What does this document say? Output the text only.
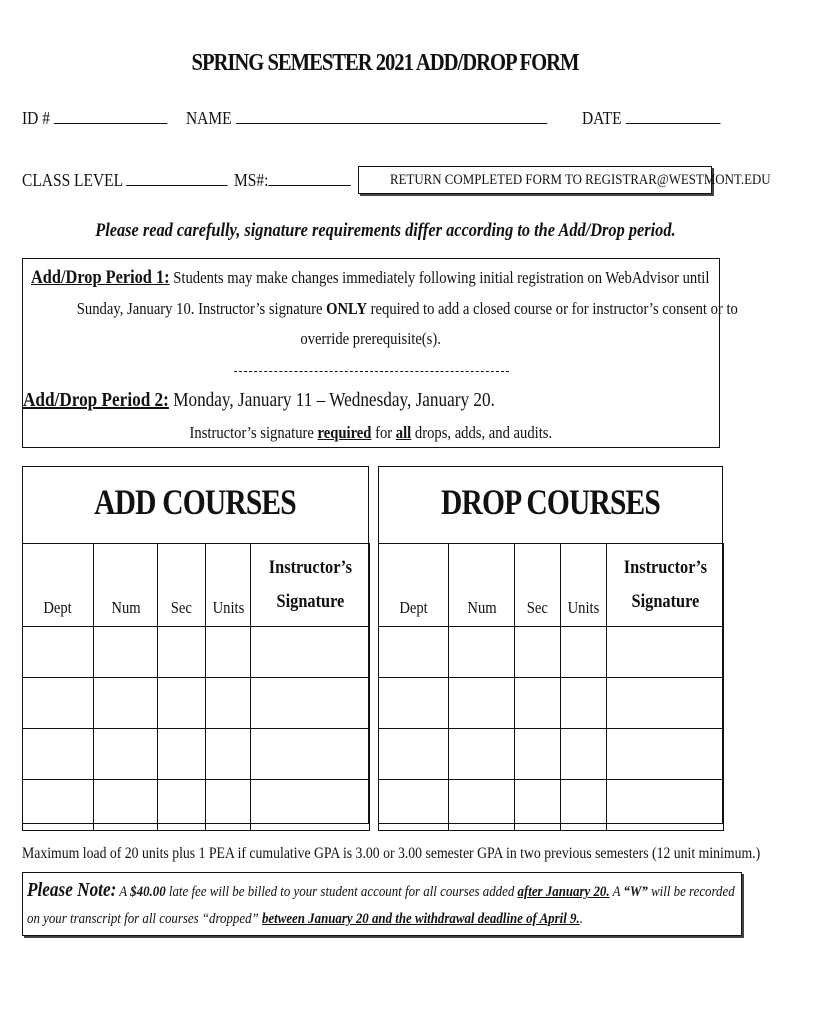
SPRING SEMESTER 2021 ADD/DROP FORM
ID #	NAME	DATE
CLASS LEVEL	MS#:	RETURN COMPLETED FORM TO REGISTRAR@WESTMONT.EDU
Please read carefully, signature requirements differ according to the Add/Drop period.
Add/Drop Period 1: Students may make changes immediately following initial registration on WebAdvisor until
Sunday, January 10. Instructor’s signature ONLY required to add a closed course or for instructor’s consent or to
override prerequisite(s).
Add/Drop Period 2: Monday, January 11 – Wednesday, January 20.
Instructor’s signature required for all drops, adds, and audits.
ADD COURSES
Dept	Num	Sec	Units	Instructor’s
Signature

DROP COURSES
Dept	Num	Sec	Units	Instructor’s
Signature

Maximum load of 20 units plus 1 PEA if cumulative GPA is 3.00 or 3.00 semester GPA in two previous semesters (12 unit minimum.)
Please Note: A $40.00 late fee will be billed to your student account for all courses added after January 20. A “W” will be recorded
on your transcript for all courses “dropped” between January 20 and the withdrawal deadline of April 9..
